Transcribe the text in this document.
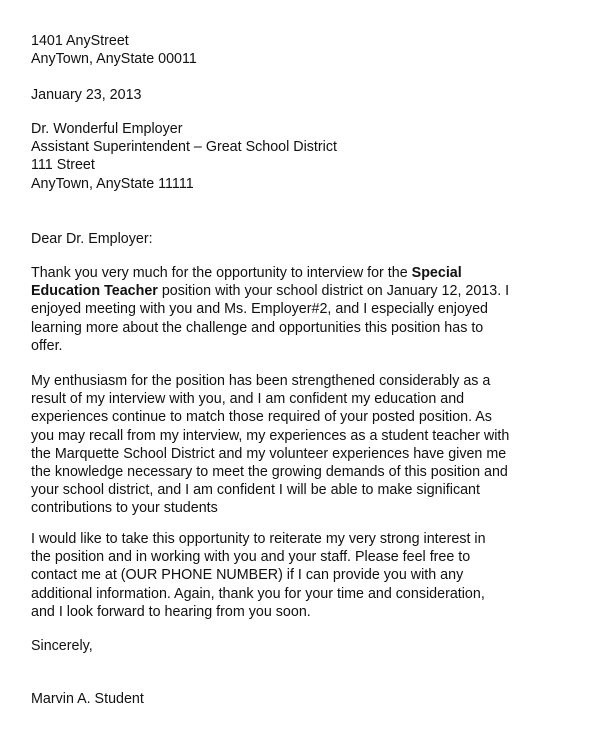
1401 AnyStreet
AnyTown, AnyState 00011
January 23, 2013
Dr. Wonderful Employer
Assistant Superintendent – Great School District
111 Street
AnyTown, AnyState 11111
Dear Dr. Employer:
Thank you very much for the opportunity to interview for the Special
Education Teacher position with your school district on January 12, 2013. I
enjoyed meeting with you and Ms. Employer#2, and I especially enjoyed
learning more about the challenge and opportunities this position has to
offer.
My enthusiasm for the position has been strengthened considerably as a
result of my interview with you, and I am confident my education and
experiences continue to match those required of your posted position. As
you may recall from my interview, my experiences as a student teacher with
the Marquette School District and my volunteer experiences have given me
the knowledge necessary to meet the growing demands of this position and
your school district, and I am confident I will be able to make significant
contributions to your students
I would like to take this opportunity to reiterate my very strong interest in
the position and in working with you and your staff. Please feel free to
contact me at (OUR PHONE NUMBER) if I can provide you with any
additional information. Again, thank you for your time and consideration,
and I look forward to hearing from you soon.
Sincerely,
Marvin A. Student
